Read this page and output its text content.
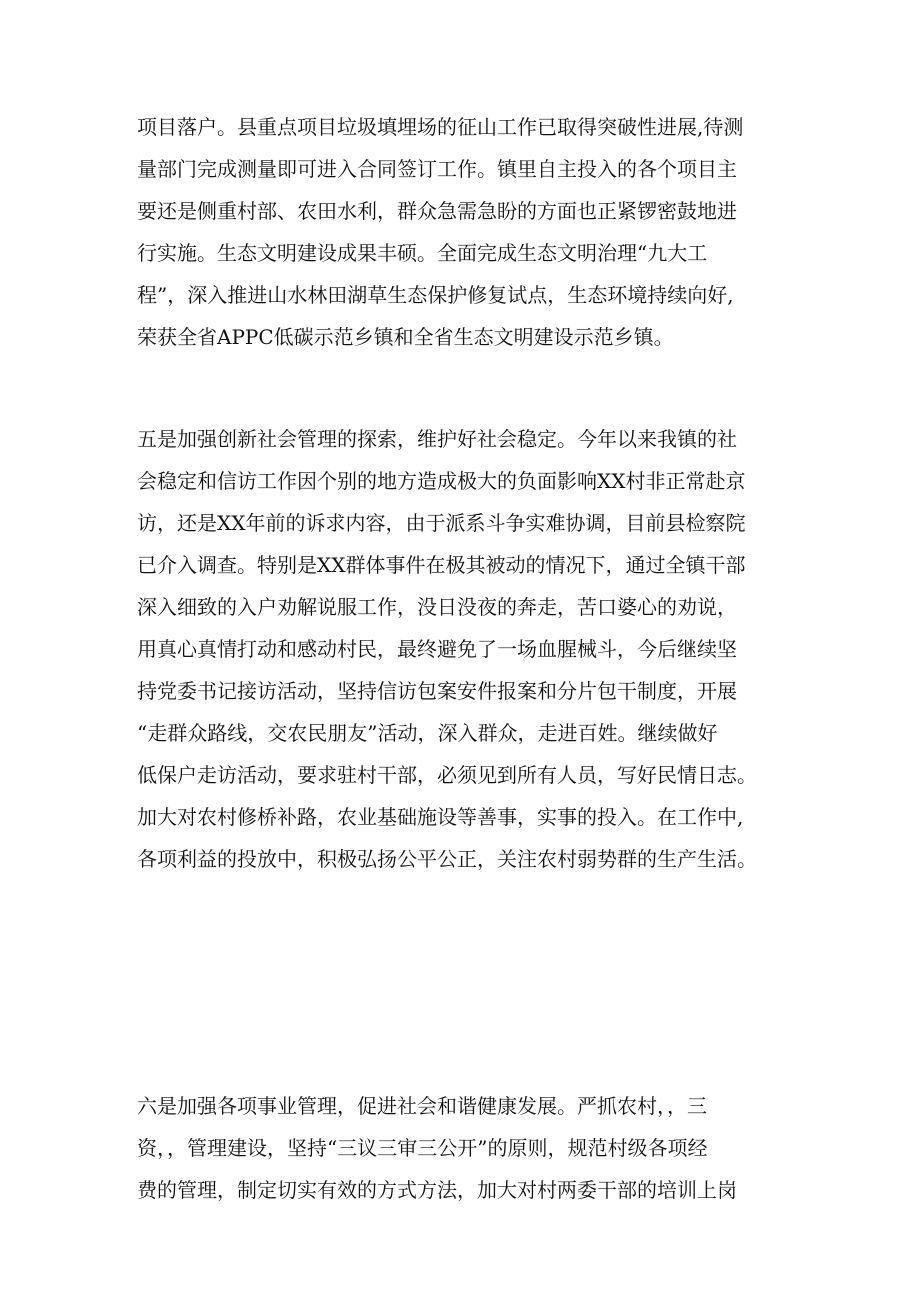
项目落户。县重点项目垃圾填埋场的征山工作已取得突破性进展,待测
量部门完成测量即可进入合同签订工作。镇里自主投入的各个项目主
要还是侧重村部、农田水利，群众急需急盼的方面也正紧锣密鼓地进
行实施。生态文明建设成果丰硕。全面完成生态文明治理“九大工
程”，深入推进山水林田湖草生态保护修复试点，生态环境持续向好,
荣获全省APPC低碳示范乡镇和全省生态文明建设示范乡镇。
五是加强创新社会管理的探索，维护好社会稳定。今年以来我镇的社
会稳定和信访工作因个别的地方造成极大的负面影响XX村非正常赴京
访，还是XX年前的诉求内容，由于派系斗争实难协调，目前县检察院
已介入调查。特别是XX群体事件在极其被动的情况下，通过全镇干部
深入细致的入户劝解说服工作，没日没夜的奔走，苦口婆心的劝说，
用真心真情打动和感动村民，最终避免了一场血腥械斗，今后继续坚
持党委书记接访活动，坚持信访包案安件报案和分片包干制度，开展
“走群众路线，交农民朋友”活动，深入群众，走进百姓。继续做好
低保户走访活动，要求驻村干部，必须见到所有人员，写好民情日志。
加大对农村修桥补路，农业基础施设等善事，实事的投入。在工作中,
各项利益的投放中，积极弘扬公平公正，关注农村弱势群的生产生活。
六是加强各项事业管理，促进社会和谐健康发展。严抓农村，，三
资，，管理建设，坚持“三议三审三公开”的原则，规范村级各项经
费的管理，制定切实有效的方式方法，加大对村两委干部的培训上岗
